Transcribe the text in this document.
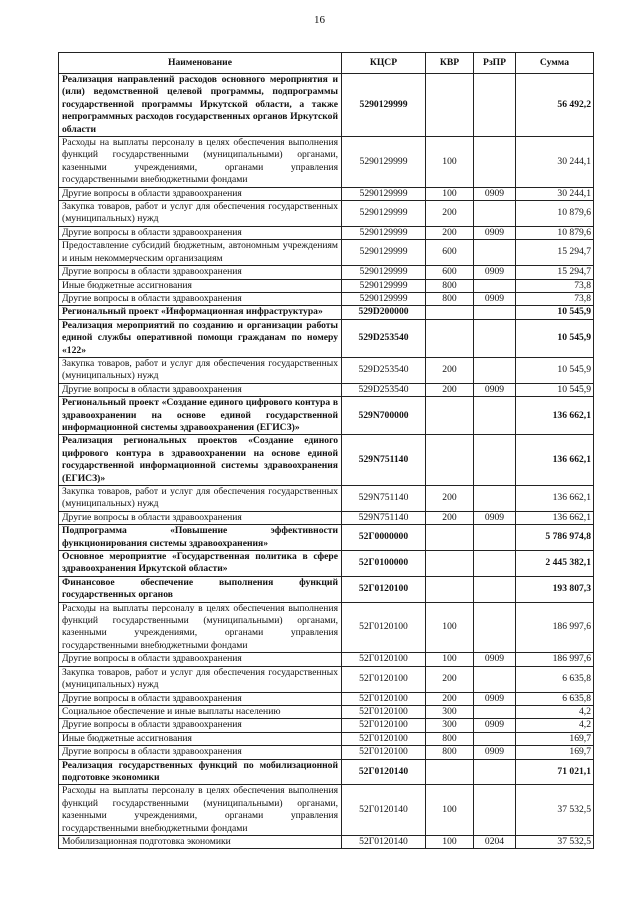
16
Наименование	КЦСР	КВР	РзПР	Сумма
Реализация направлений расходов основного мероприятия и (или) ведомственной целевой программы, подпрограммы государственной программы Иркутской области, а также непрограммных расходов государственных органов Иркутской области	5290129999			56 492,2
Расходы на выплаты персоналу в целях обеспечения выполнения функций государственными (муниципальными) органами, казенными учреждениями, органами управления государственными внебюджетными фондами	5290129999	100		30 244,1
Другие вопросы в области здравоохранения	5290129999	100	0909	30 244,1
Закупка товаров, работ и услуг для обеспечения государственных (муниципальных) нужд	5290129999	200		10 879,6
Другие вопросы в области здравоохранения	5290129999	200	0909	10 879,6
Предоставление субсидий бюджетным, автономным учреждениям и иным некоммерческим организациям	5290129999	600		15 294,7
Другие вопросы в области здравоохранения	5290129999	600	0909	15 294,7
Иные бюджетные ассигнования	5290129999	800		73,8
Другие вопросы в области здравоохранения	5290129999	800	0909	73,8
Региональный проект «Информационная инфраструктура»	529D200000			10 545,9
Реализация мероприятий по созданию и организации работы единой службы оперативной помощи гражданам по номеру «122»	529D253540			10 545,9
Закупка товаров, работ и услуг для обеспечения государственных (муниципальных) нужд	529D253540	200		10 545,9
Другие вопросы в области здравоохранения	529D253540	200	0909	10 545,9
Региональный проект «Создание единого цифрового контура в здравоохранении на основе единой государственной информационной системы здравоохранения (ЕГИСЗ)»	529N700000			136 662,1
Реализация региональных проектов «Создание единого цифрового контура в здравоохранении на основе единой государственной информационной системы здравоохранения (ЕГИСЗ)»	529N751140			136 662,1
Закупка товаров, работ и услуг для обеспечения государственных (муниципальных) нужд	529N751140	200		136 662,1
Другие вопросы в области здравоохранения	529N751140	200	0909	136 662,1
Подпрограмма «Повышение эффективности функционирования системы здравоохранения»	52Г0000000			5 786 974,8
Основное мероприятие «Государственная политика в сфере здравоохранения Иркутской области»	52Г0100000			2 445 382,1
Финансовое обеспечение выполнения функций государственных органов	52Г0120100			193 807,3
Расходы на выплаты персоналу в целях обеспечения выполнения функций государственными (муниципальными) органами, казенными учреждениями, органами управления государственными внебюджетными фондами	52Г0120100	100		186 997,6
Другие вопросы в области здравоохранения	52Г0120100	100	0909	186 997,6
Закупка товаров, работ и услуг для обеспечения государственных (муниципальных) нужд	52Г0120100	200		6 635,8
Другие вопросы в области здравоохранения	52Г0120100	200	0909	6 635,8
Социальное обеспечение и иные выплаты населению	52Г0120100	300		4,2
Другие вопросы в области здравоохранения	52Г0120100	300	0909	4,2
Иные бюджетные ассигнования	52Г0120100	800		169,7
Другие вопросы в области здравоохранения	52Г0120100	800	0909	169,7
Реализация государственных функций по мобилизационной подготовке экономики	52Г0120140			71 021,1
Расходы на выплаты персоналу в целях обеспечения выполнения функций государственными (муниципальными) органами, казенными учреждениями, органами управления государственными внебюджетными фондами	52Г0120140	100		37 532,5
Мобилизационная подготовка экономики	52Г0120140	100	0204	37 532,5
